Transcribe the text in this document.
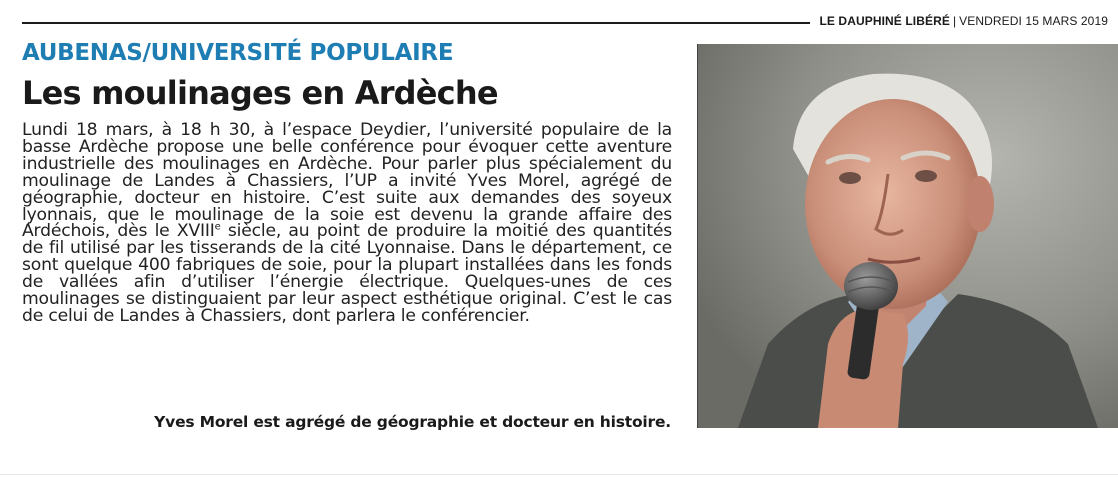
LE DAUPHINÉ LIBÉRÉ | VENDREDI 15 MARS 2019
AUBENAS/UNIVERSITÉ POPULAIRE
Les moulinages en Ardèche
Lundi 18 mars, à 18 h 30, à l’espace Deydier, l’université populaire de la basse Ardèche propose une belle conférence pour évoquer cette aventure industrielle des moulinages en Ardèche. Pour parler plus spécialement du moulinage de Landes à Chassiers, l’UP a invité Yves Morel, agrégé de géographie, docteur en histoire. C’est suite aux demandes des soyeux lyonnais, que le moulinage de la soie est devenu la grande affaire des Ardéchois, dès le XVIIIe siècle, au point de produire la moitié des quantités de fil utilisé par les tisserands de la cité Lyonnaise. Dans le département, ce sont quelque 400 fabriques de soie, pour la plupart installées dans les fonds de vallées afin d’utiliser l’énergie électrique. Quelques-unes de ces moulinages se distinguaient par leur aspect esthétique original. C’est le cas de celui de Landes à Chassiers, dont parlera le conférencier.
Yves Morel est agrégé de géographie et docteur en histoire.
